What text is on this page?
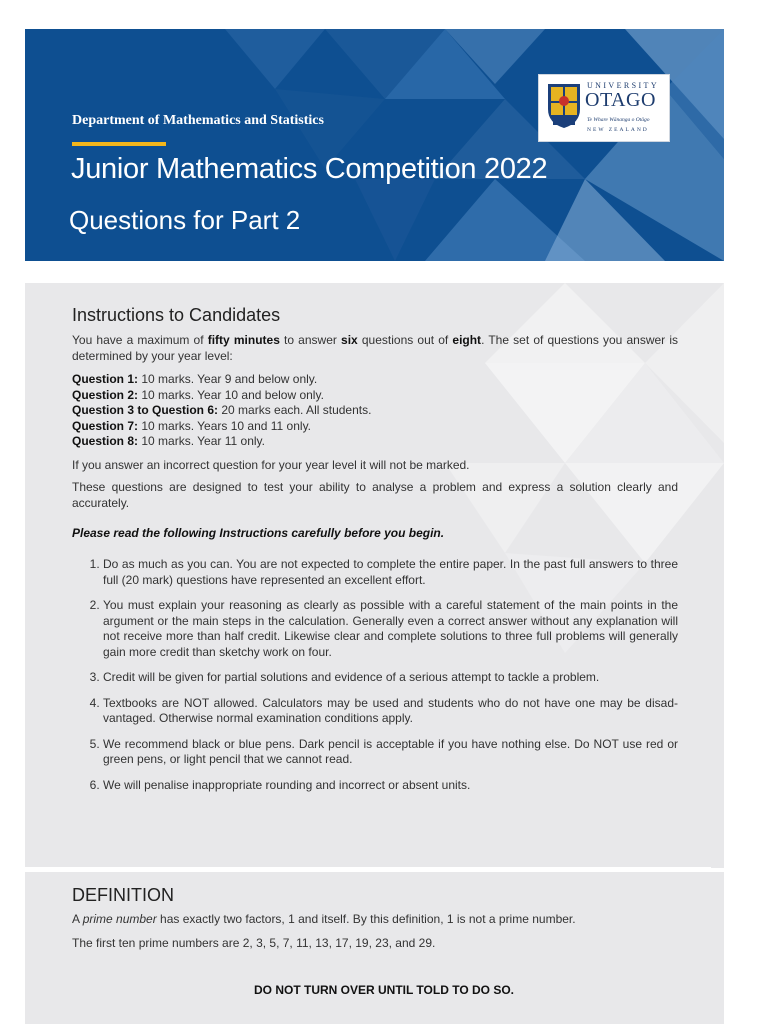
UNIVERSITY
OTAGO
Te Whare Wānanga o Otāgo
NEW ZEALAND
Department of Mathematics and Statistics
Junior Mathematics Competition 2022
Questions for Part 2
Instructions to Candidates

You have a maximum of fifty minutes to answer six questions out of eight. The set of questions you answer is determined by your year level:

Question 1: 10 marks. Year 9 and below only.
Question 2: 10 marks. Year 10 and below only.
Question 3 to Question 6: 20 marks each. All students.
Question 7: 10 marks. Years 10 and 11 only.
Question 8: 10 marks. Year 11 only.

If you answer an incorrect question for your year level it will not be marked.

These questions are designed to test your ability to analyse a problem and express a solution clearly and accurately.

Please read the following Instructions carefully before you begin.

1. Do as much as you can. You are not expected to complete the entire paper. In the past full answers to three full (20 mark) questions have represented an excellent effort.
2. You must explain your reasoning as clearly as possible with a careful statement of the main points in the argument or the main steps in the calculation. Generally even a correct answer without any explanation will not receive more than half credit. Likewise clear and complete solutions to three full problems will generally gain more credit than sketchy work on four.
3. Credit will be given for partial solutions and evidence of a serious attempt to tackle a problem.
4. Textbooks are NOT allowed. Calculators may be used and students who do not have one may be disad-vantaged. Otherwise normal examination conditions apply.
5. We recommend black or blue pens. Dark pencil is acceptable if you have nothing else. Do NOT use red or green pens, or light pencil that we cannot read.
6. We will penalise inappropriate rounding and incorrect or absent units.
DEFINITION

A prime number has exactly two factors, 1 and itself. By this definition, 1 is not a prime number.

The first ten prime numbers are 2, 3, 5, 7, 11, 13, 17, 19, 23, and 29.

DO NOT TURN OVER UNTIL TOLD TO DO SO.
